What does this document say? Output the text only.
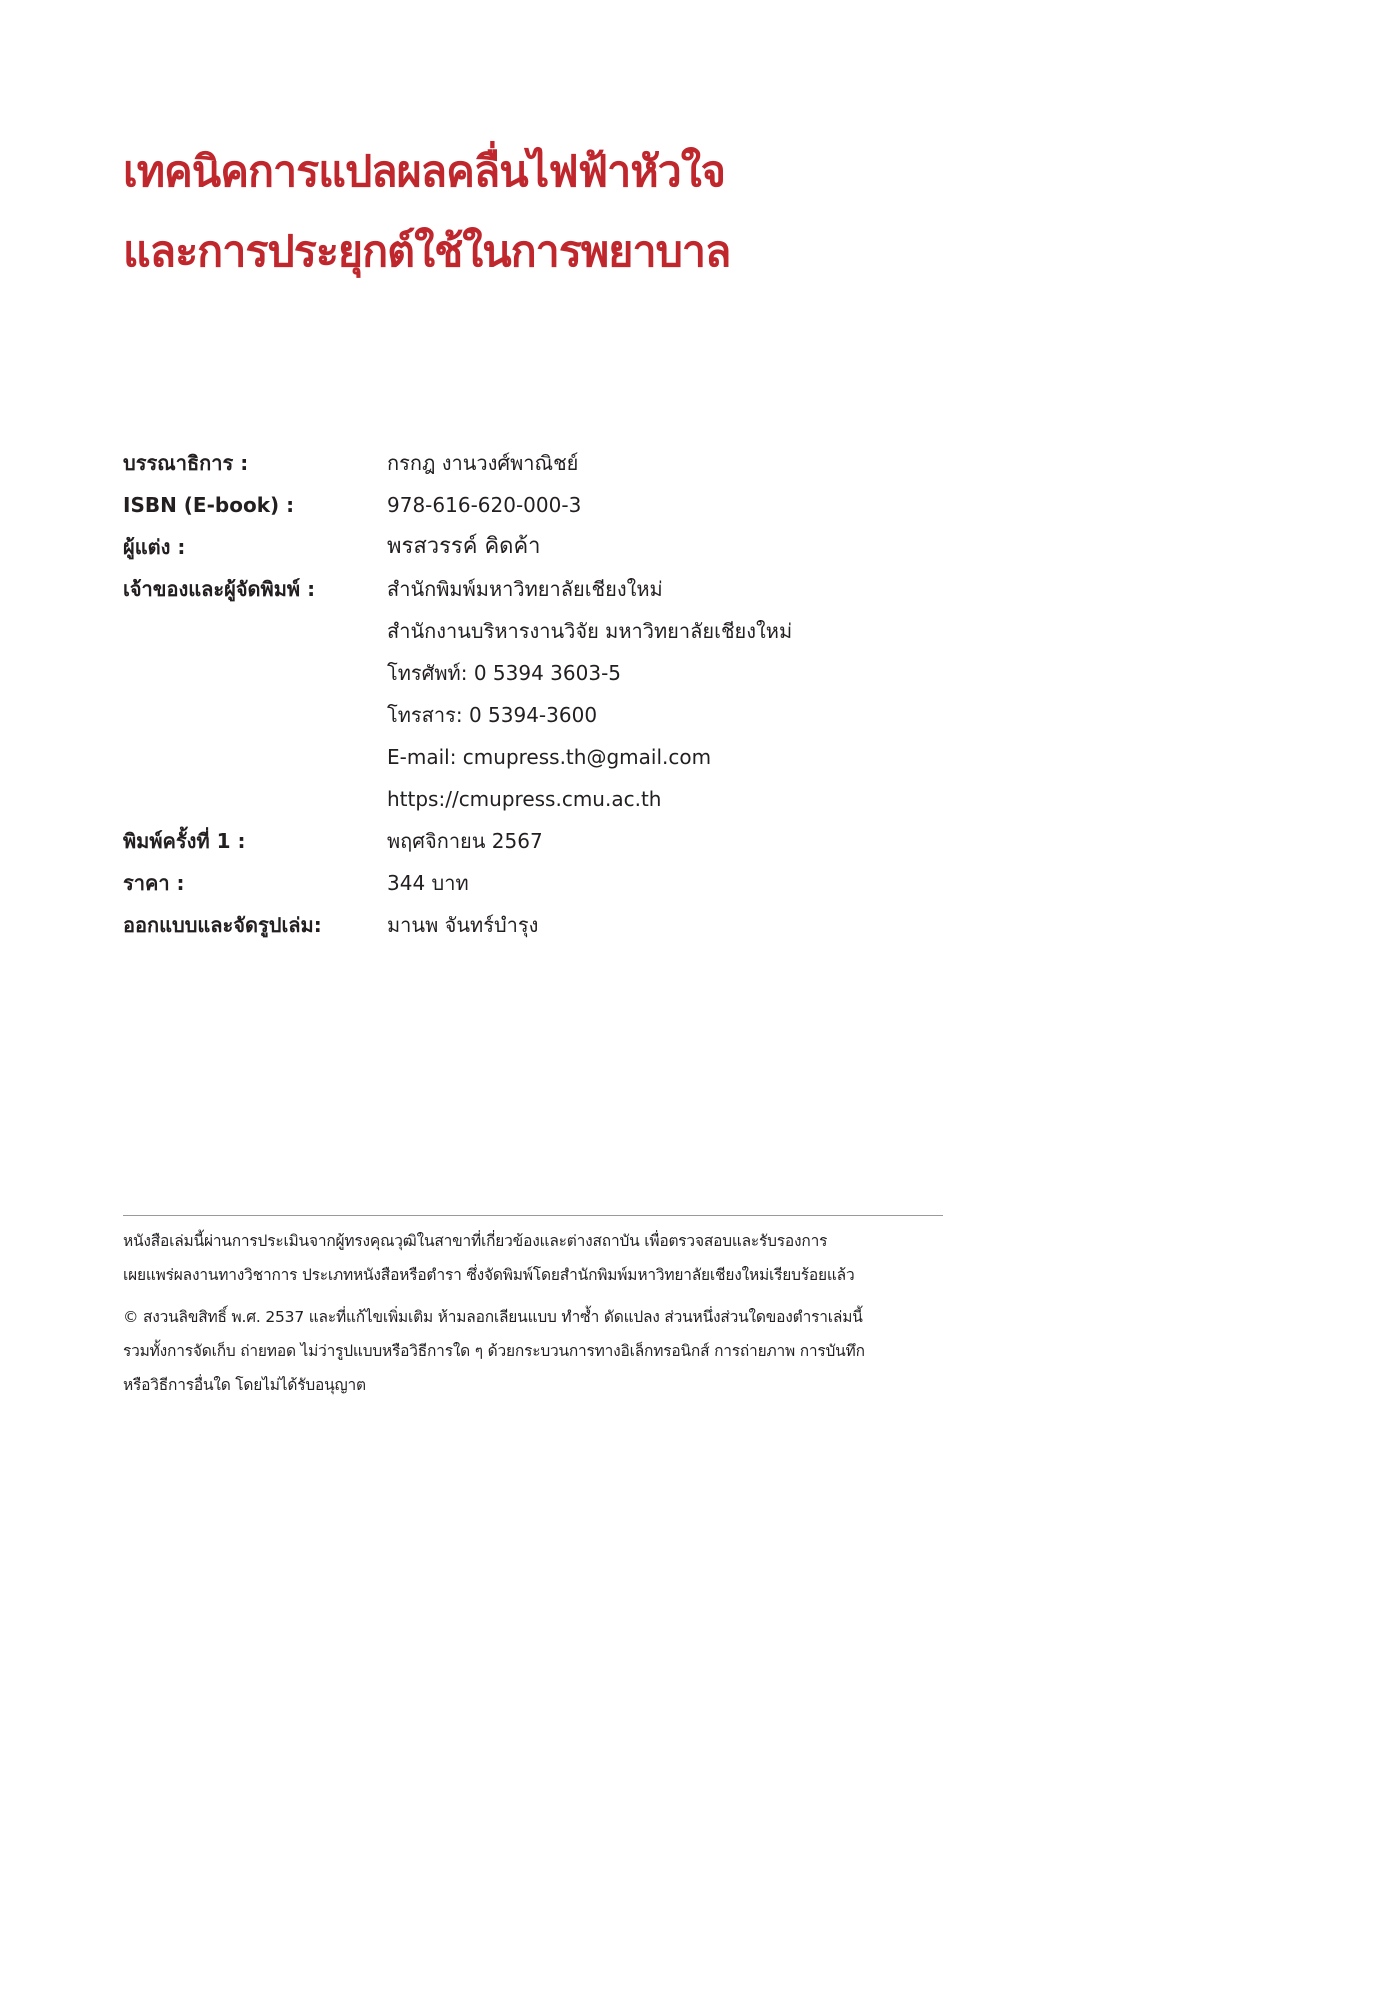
เทคนิคการแปลผลคลื่นไฟฟ้าหัวใจ
และการประยุกต์ใช้ในการพยาบาล
บรรณาธิการ :	กรกฎ งานวงศ์พาณิชย์
ISBN (E-book) :	978-616-620-000-3
ผู้แต่ง :	พรสวรรค์ คิดค้า
เจ้าของและผู้จัดพิมพ์ :	สำนักพิมพ์มหาวิทยาลัยเชียงใหม่
สำนักงานบริหารงานวิจัย มหาวิทยาลัยเชียงใหม่
โทรศัพท์: 0 5394 3603-5
โทรสาร: 0 5394-3600
E-mail: cmupress.th@gmail.com
https://cmupress.cmu.ac.th
พิมพ์ครั้งที่ 1 :	พฤศจิกายน 2567
ราคา :	344 บาท
ออกแบบและจัดรูปเล่ม:	มานพ จันทร์บำรุง
หนังสือเล่มนี้ผ่านการประเมินจากผู้ทรงคุณวุฒิในสาขาที่เกี่ยวข้องและต่างสถาบัน เพื่อตรวจสอบและรับรองการ
เผยแพร่ผลงานทางวิชาการ ประเภทหนังสือหรือตำรา ซึ่งจัดพิมพ์โดยสำนักพิมพ์มหาวิทยาลัยเชียงใหม่เรียบร้อยแล้ว
© สงวนลิขสิทธิ์ พ.ศ. 2537 และที่แก้ไขเพิ่มเติม ห้ามลอกเลียนแบบ ทำซ้ำ ดัดแปลง ส่วนหนึ่งส่วนใดของตำราเล่มนี้
รวมทั้งการจัดเก็บ ถ่ายทอด ไม่ว่ารูปแบบหรือวิธีการใด ๆ ด้วยกระบวนการทางอิเล็กทรอนิกส์ การถ่ายภาพ การบันทึก
หรือวิธีการอื่นใด โดยไม่ได้รับอนุญาต
